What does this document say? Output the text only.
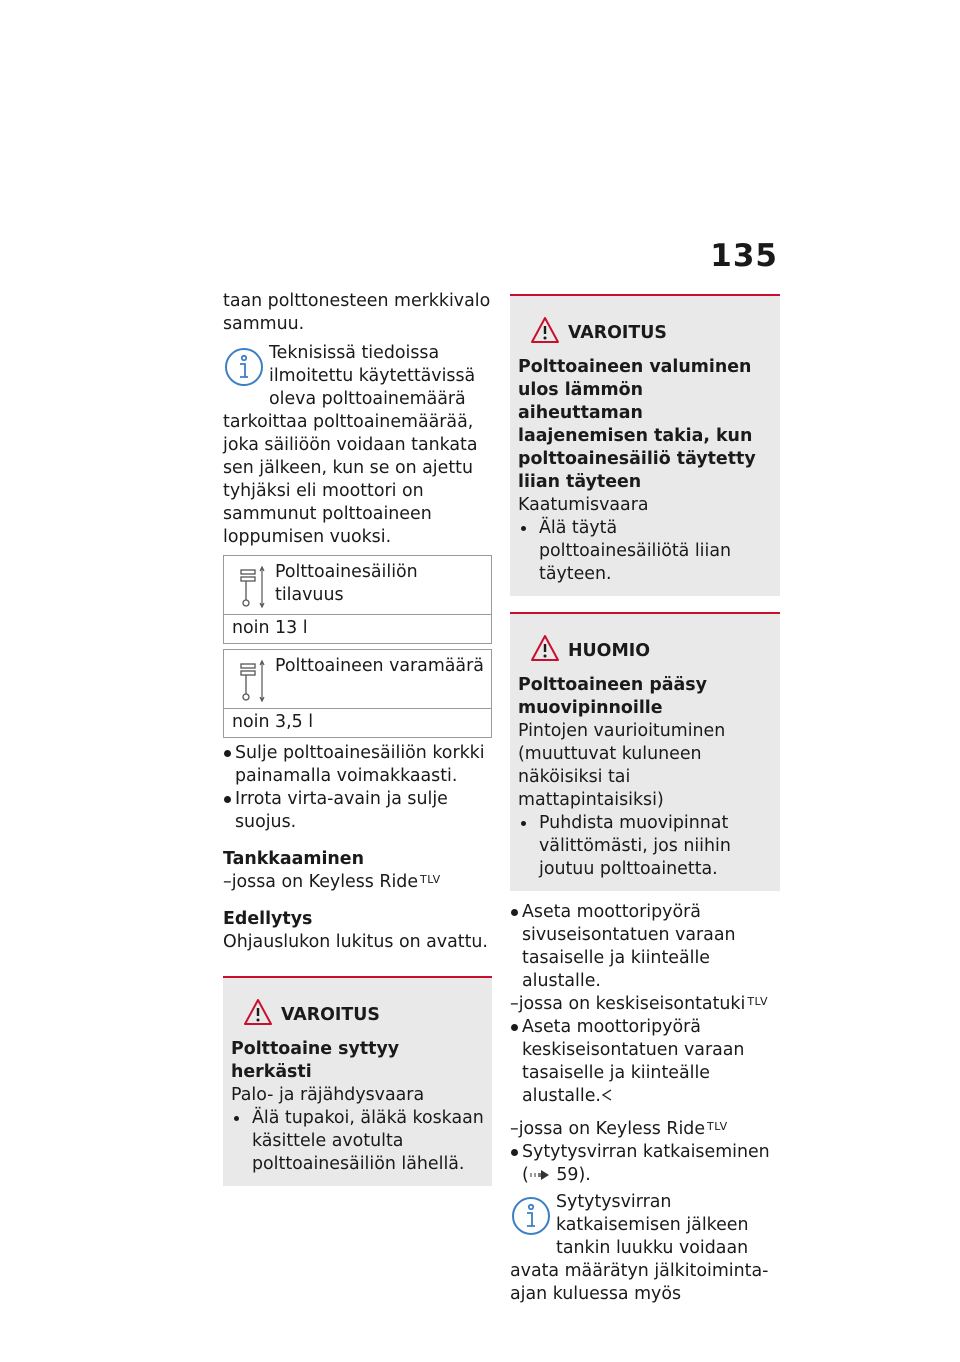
135

taan polttonesteen merkkivalo sammuu.

Teknisissä tiedoissa ilmoitettu käytettävissä oleva polttoainemäärä tarkoittaa polttoainemäärää, joka säiliöön voidaan tankata sen jälkeen, kun se on ajettu tyhjäksi eli moottori on sammunut polttoaineen loppumisen vuoksi.
Polttoainesäiliön tilavuus
noin 13 l
Polttoaineen varamäärä
noin 3,5 l
Sulje polttoainesäiliön korkki painamalla voimakkaasti.
Irrota virta-avain ja sulje suojus.
Tankkaaminen
–jossa on Keyless Ride $^{TLV}$
Edellytys
Ohjauslukon lukitus on avattu.
VAROITUS
Polttoaine syttyy herkästi
Palo- ja räjähdysvaara
Älä tupakoi, äläkä koskaan käsittele avotulta polttoainesäiliön lähellä.
VAROITUS
Polttoaineen valuminen ulos lämmön aiheuttaman laajenemisen takia, kun polttoainesäiliö täytetty liian täyteen
Kaatumisvaara
Älä täytä polttoainesäiliötä liian täyteen.
HUOMIO
Polttoaineen pääsy muovipinnoille
Pintojen vaurioituminen (muuttuvat kuluneen näköisiksi tai mattapintaisiksi)
Puhdista muovipinnat välittömästi, jos niihin joutuu polttoainetta.
Aseta moottoripyörä sivuseisontatuen varaan tasaiselle ja kiinteälle alustalle.
–jossa on keskiseisontatuki $^{TLV}$
Aseta moottoripyörä keskiseisontatuen varaan tasaiselle ja kiinteälle alustalle.
–jossa on Keyless Ride $^{TLV}$
Sytytysvirran katkaiseminen
( 59).
Sytytysvirran katkaisemisen jälkeen tankin luukku voidaan avata määrätyn jälkitoiminta-ajan kuluessa myös
